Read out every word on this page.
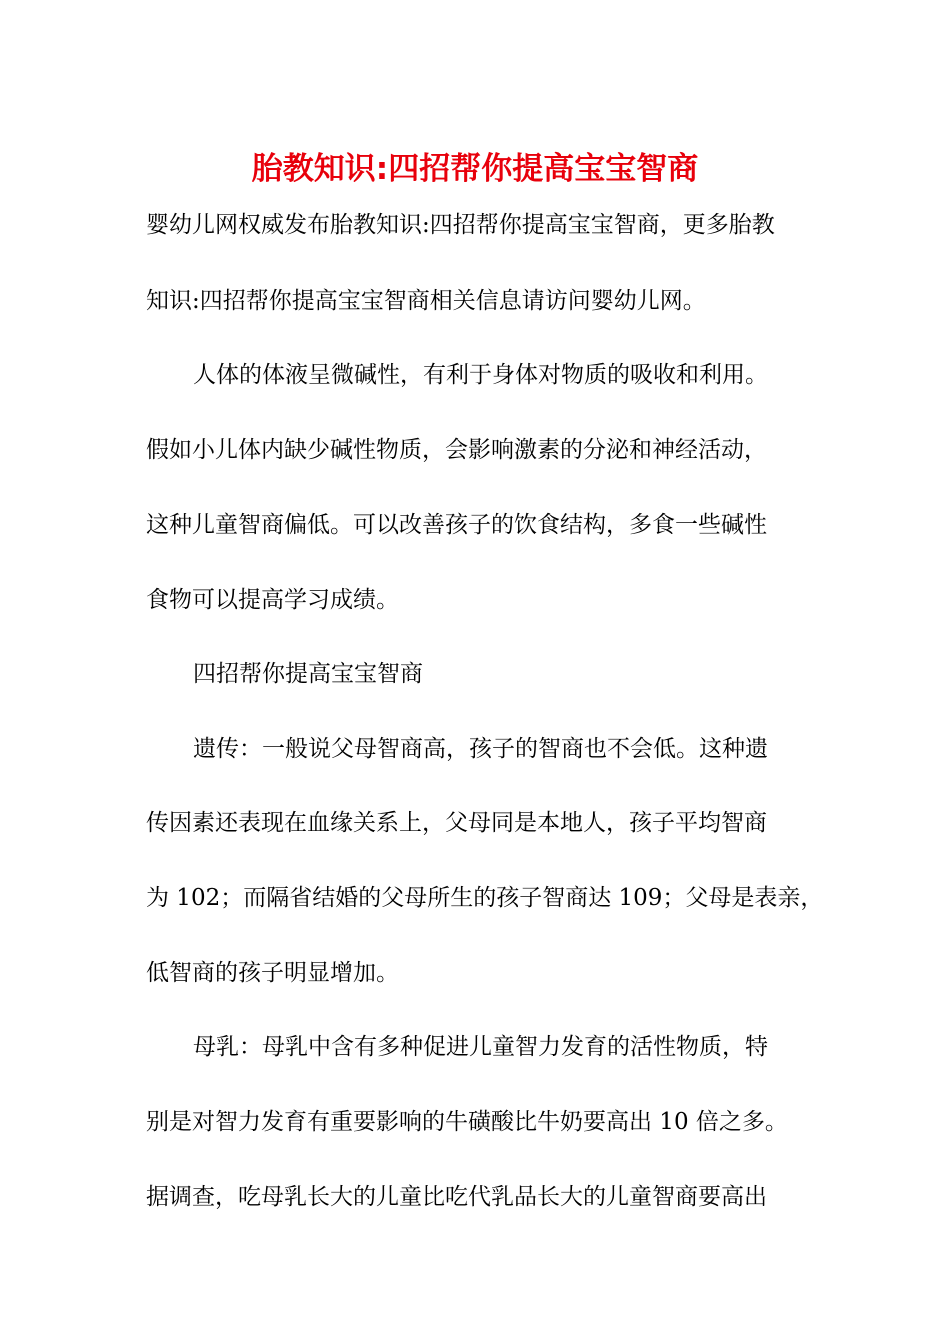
胎教知识:四招帮你提高宝宝智商
婴幼儿网权威发布胎教知识:四招帮你提高宝宝智商，更多胎教
知识:四招帮你提高宝宝智商相关信息请访问婴幼儿网。
人体的体液呈微碱性，有利于身体对物质的吸收和利用。
假如小儿体内缺少碱性物质，会影响激素的分泌和神经活动，
这种儿童智商偏低。可以改善孩子的饮食结构，多食一些碱性
食物可以提高学习成绩。
四招帮你提高宝宝智商
遗传：一般说父母智商高，孩子的智商也不会低。这种遗
传因素还表现在血缘关系上，父母同是本地人，孩子平均智商
为 102；而隔省结婚的父母所生的孩子智商达 109；父母是表亲，
低智商的孩子明显增加。
母乳：母乳中含有多种促进儿童智力发育的活性物质，特
别是对智力发育有重要影响的牛磺酸比牛奶要高出 10 倍之多。
据调查，吃母乳长大的儿童比吃代乳品长大的儿童智商要高出
